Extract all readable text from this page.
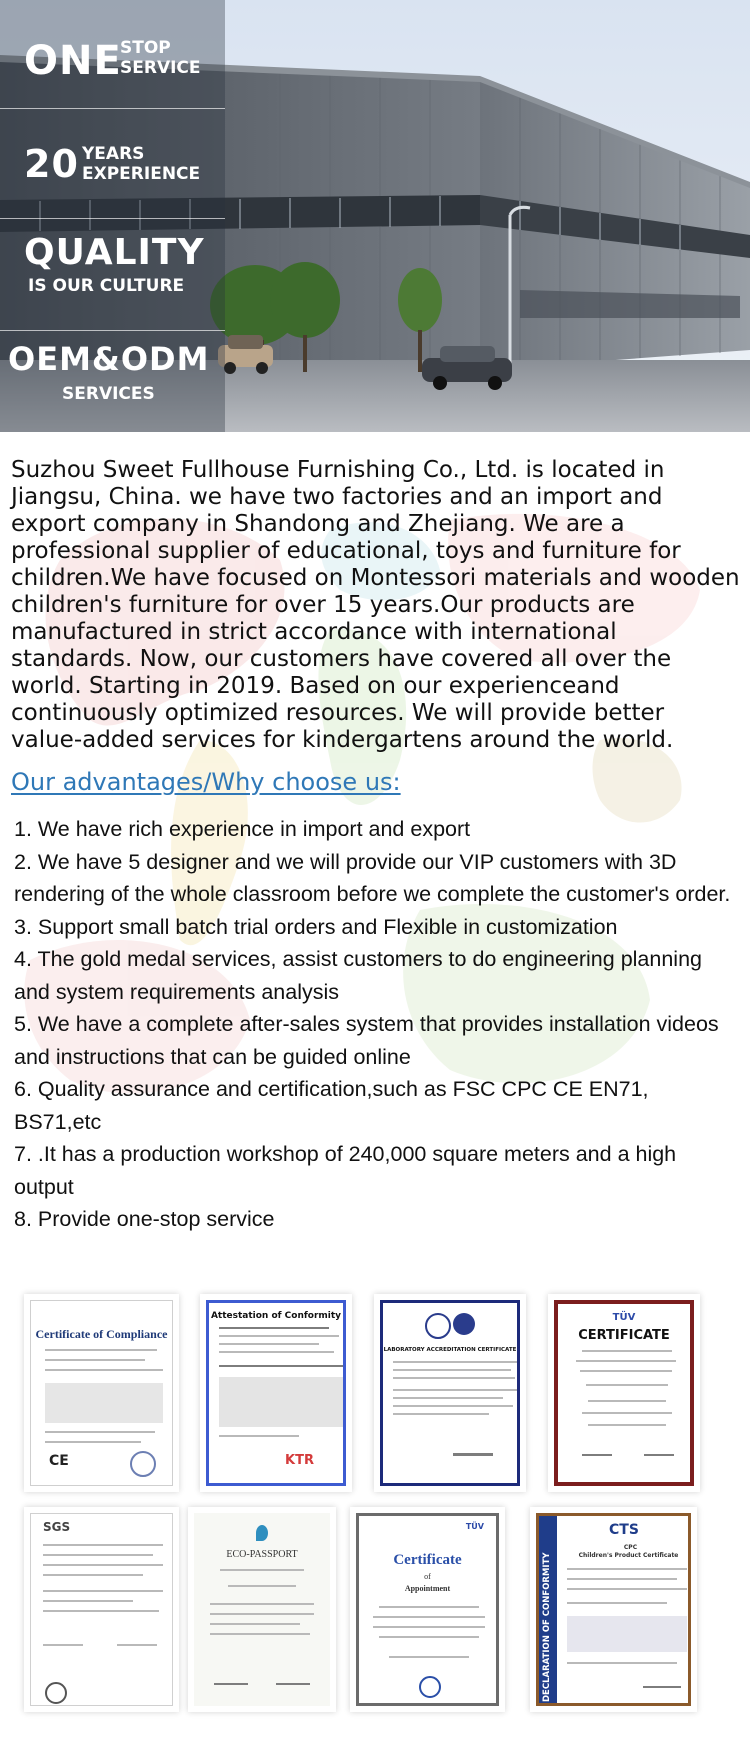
ONE
STOP
SERVICE
20 YEARS
EXPERIENCE
QUALITY
IS OUR CULTURE
OEM&ODM
SERVICES

Suzhou Sweet Fullhouse Furnishing Co., Ltd. is located in Jiangsu, China. we have two factories and an import and export company in Shandong and Zhejiang. We are a professional supplier of educational, toys and furniture for children.We have focused on Montessori materials and wooden children's furniture for over 15 years.Our products are manufactured in strict accordance with international standards. Now, our customers have covered all over the world. Starting in 2019. Based on our experienceand continuously optimized resources. We will provide better value-added services for kindergartens around the world.

Our advantages/Why choose us:
1. We have rich experience in import and export
2. We have 5 designer and we will provide our VIP customers with 3D rendering of the whole classroom before we complete the customer's order.
3. Support small batch trial orders and Flexible in customization
4. The gold medal services, assist customers to do engineering planning and system requirements analysis
5. We have a complete after-sales system that provides installation videos and instructions that can be guided online
6. Quality assurance and certification,such as FSC CPC CE EN71, BS71,etc
7. .It has a production workshop of 240,000 square meters and a high output
8. Provide one-stop service
Certificate of Compliance
CE
Attestation of Conformity
KTR
LABORATORY ACCREDITATION CERTIFICATE
TÜV
CERTIFICATE
SGS
ECO-PASSPORT
TÜV
Certificate
of
Appointment	DECLARATION OF CONFORMITY
CTS
CPC
Children's Product Certificate
